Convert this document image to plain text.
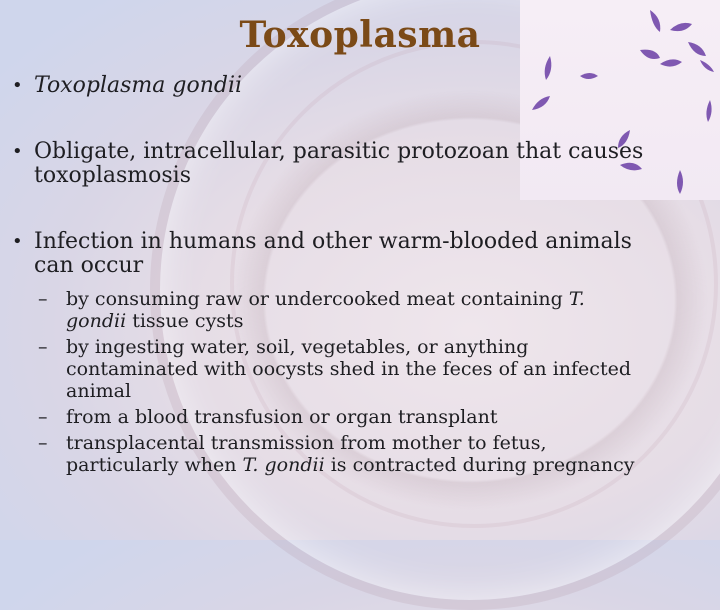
Toxoplasma
• Toxoplasma gondii
• Obligate, intracellular, parasitic protozoan that causes toxoplasmosis
• Infection in humans and other warm-blooded animals can occur
– by consuming raw or undercooked meat containing T. gondii tissue cysts
– by ingesting water, soil, vegetables, or anything contaminated with oocysts shed in the feces of an infected animal
– from a blood transfusion or organ transplant
– transplacental transmission from mother to fetus, particularly when T. gondii is contracted during pregnancy
